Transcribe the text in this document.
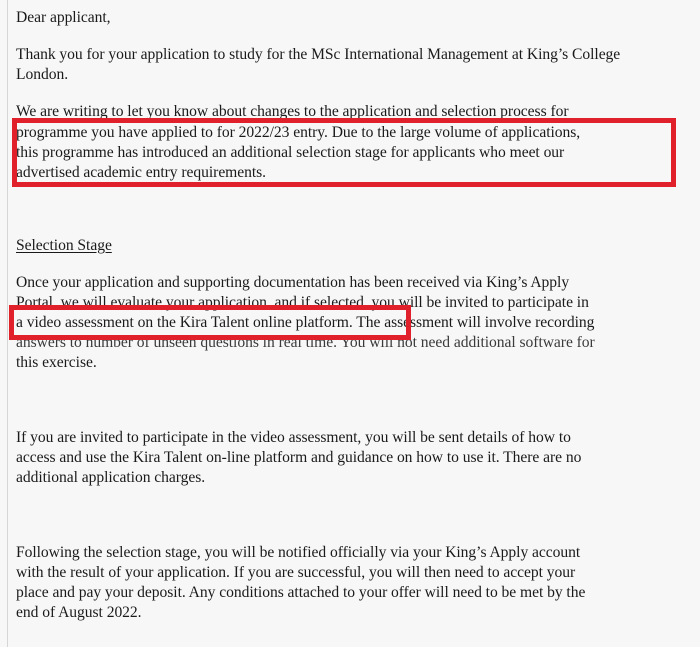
Dear applicant,
Thank you for your application to study for the MSc International Management at King’s College
London.
We are writing to let you know about changes to the application and selection process for
programme you have applied to for 2022/23 entry. Due to the large volume of applications,
this programme has introduced an additional selection stage for applicants who meet our
advertised academic entry requirements.
Selection Stage
Once your application and supporting documentation has been received via King’s Apply
Portal, we will evaluate your application, and if selected, you will be invited to participate in
a video assessment on the Kira Talent online platform. The assessment will involve recording
answers to number of unseen questions in real time. You will not need additional software for
this exercise.
If you are invited to participate in the video assessment, you will be sent details of how to
access and use the Kira Talent on-line platform and guidance on how to use it. There are no
additional application charges.
Following the selection stage, you will be notified officially via your King’s Apply account
with the result of your application. If you are successful, you will then need to accept your
place and pay your deposit. Any conditions attached to your offer will need to be met by the
end of August 2022.
